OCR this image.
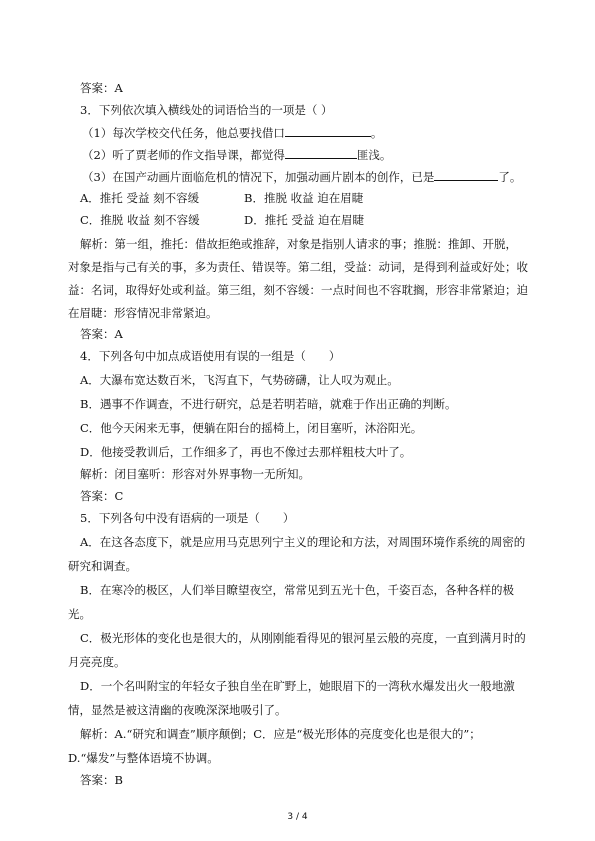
答案：A
3．下列依次填入横线处的词语恰当的一项是（ ）
（1）每次学校交代任务，他总要找借口	。
（2）听了贾老师的作文指导课，都觉得	匪浅。
（3）在国产动画片面临危机的情况下，加强动画片剧本的创作，已是	了。
A．推托 受益 刻不容缓	B．推脱 收益 迫在眉睫
C．推脱 收益 刻不容缓	D．推托 受益 迫在眉睫
解析：第一组，推托：借故拒绝或推辞，对象是指别人请求的事；推脱：推卸、开脱，
对象是指与己有关的事，多为责任、错误等。第二组，受益：动词，是得到利益或好处；收
益：名词，取得好处或利益。第三组，刻不容缓：一点时间也不容耽搁，形容非常紧迫；迫
在眉睫：形容情况非常紧迫。
答案：A
4．下列各句中加点成语使用有误的一组是（　　）
A．大瀑布宽达数百米，飞泻直下，气势磅礴，让人叹为观止。
B．遇事不作调查，不进行研究，总是若明若暗，就难于作出正确的判断。
C．他今天闲来无事，便躺在阳台的摇椅上，闭目塞听，沐浴阳光。
D．他接受教训后，工作细多了，再也不像过去那样粗枝大叶了。
解析：闭目塞听：形容对外界事物一无所知。
答案：C
5．下列各句中没有语病的一项是（　　）
A．在这各态度下，就是应用马克思列宁主义的理论和方法，对周围环境作系统的周密的
研究和调查。
B．在寒冷的极区，人们举目瞭望夜空，常常见到五光十色，千姿百态，各种各样的极
光。
C．极光形体的变化也是很大的，从刚刚能看得见的银河星云般的亮度，一直到满月时的
月亮亮度。
D．一个名叫附宝的年轻女子独自坐在旷野上，她眼眉下的一湾秋水爆发出火一般地激
情，显然是被这清幽的夜晚深深地吸引了。
解析：A.“研究和调查”顺序颠倒；C．应是“极光形体的亮度变化也是很大的”；
D.“爆发”与整体语境不协调。
答案：B
3 / 4
